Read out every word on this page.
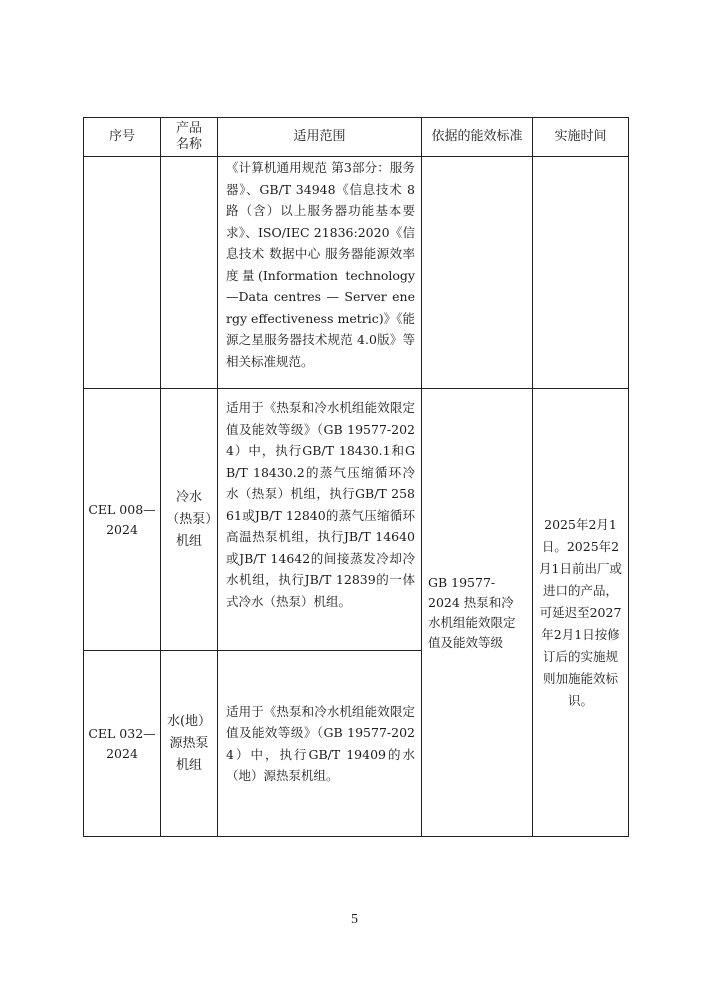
序号	产品名称	适用范围	依据的能效标准	实施时间

		《计算机通用规范 第3部分：服务器》、GB/T 34948《信息技术 8路（含）以上服务器功能基本要求》、ISO/IEC 21836:2020《信息技术 数据中心 服务器能源效率度量(Information technology—Data centres — Server energy effectiveness metric)》《能源之星服务器技术规范 4.0版》等相关标准规范。		

CEL 008—2024	冷水（热泵）机组	适用于《热泵和冷水机组能效限定值及能效等级》（GB 19577-2024）中，执行GB/T 18430.1和GB/T 18430.2的蒸气压缩循环冷水（热泵）机组，执行GB/T 25861或JB/T 12840的蒸气压缩循环高温热泵机组，执行JB/T 14640或JB/T 14642的间接蒸发冷却冷水机组，执行JB/T 12839的一体式冷水（热泵）机组。	GB 19577-2024 热泵和冷水机组能效限定值及能效等级	2025年2月1日。2025年2月1日前出厂或进口的产品，可延迟至2027年2月1日按修订后的实施规则加施能效标识。

CEL 032—2024	水(地）源热泵机组	适用于《热泵和冷水机组能效限定值及能效等级》（GB 19577-2024）中，执行GB/T 19409的水（地）源热泵机组。		
5
